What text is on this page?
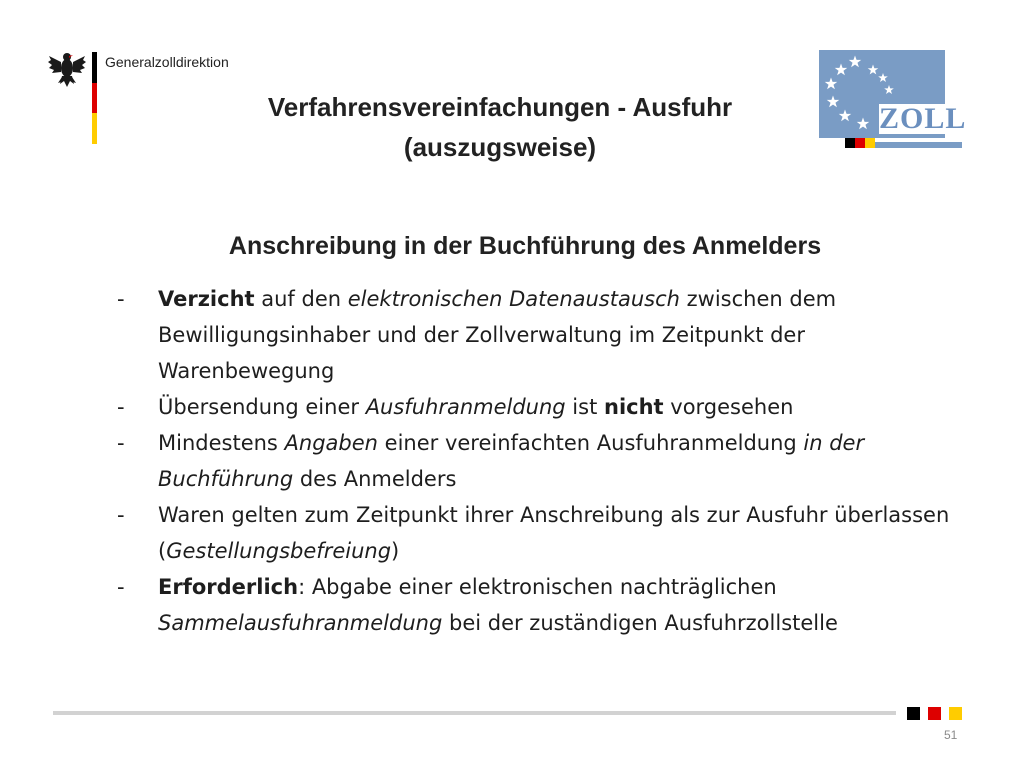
Generalzolldirektion
ZOLL
Verfahrensvereinfachungen - Ausfuhr
(auszugsweise)
Anschreibung in der Buchführung des Anmelders
- Verzicht auf den elektronischen Datenaustausch zwischen dem Bewilligungsinhaber und der Zollverwaltung im Zeitpunkt der Warenbewegung
- Übersendung einer Ausfuhranmeldung ist nicht vorgesehen
- Mindestens Angaben einer vereinfachten Ausfuhranmeldung in der Buchführung des Anmelders
- Waren gelten zum Zeitpunkt ihrer Anschreibung als zur Ausfuhr überlassen (Gestellungsbefreiung)
- Erforderlich: Abgabe einer elektronischen nachträglichen Sammelausfuhranmeldung bei der zuständigen Ausfuhrzollstelle
51
